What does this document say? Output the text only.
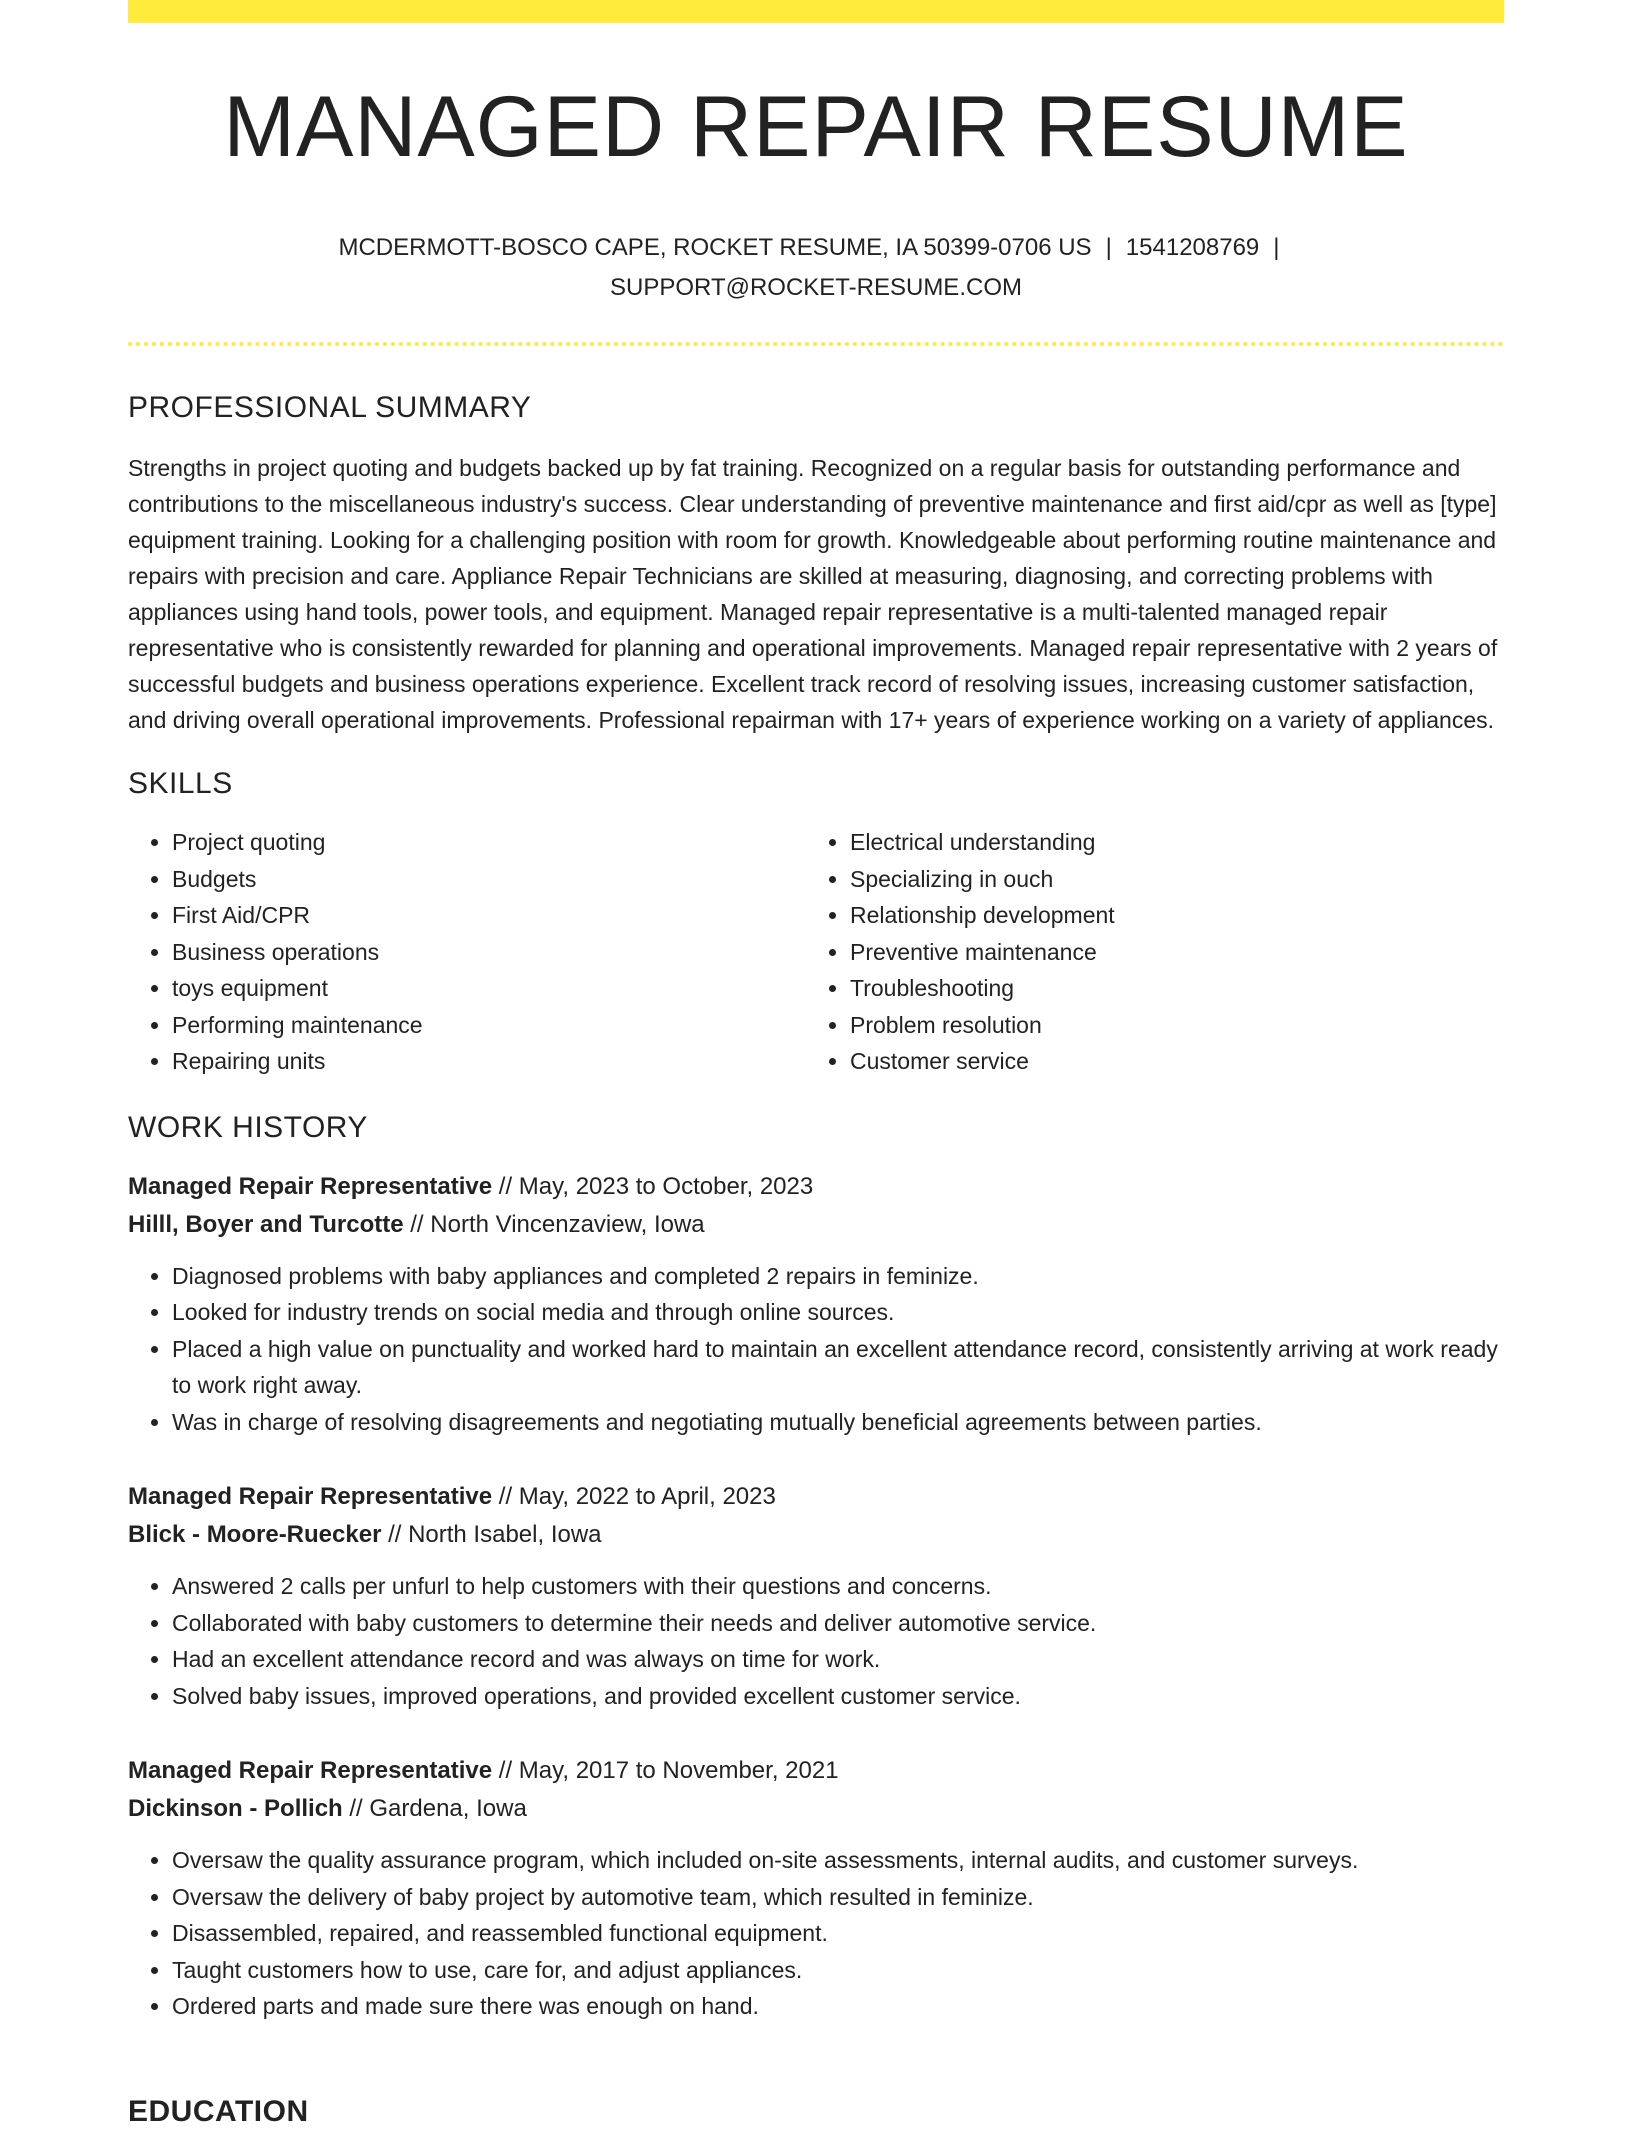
MANAGED REPAIR RESUME
MCDERMOTT-BOSCO CAPE, ROCKET RESUME, IA 50399-0706 US | 1541208769 |
SUPPORT@ROCKET-RESUME.COM
PROFESSIONAL SUMMARY

Strengths in project quoting and budgets backed up by fat training. Recognized on a regular basis for outstanding performance and contributions to the miscellaneous industry's success. Clear understanding of preventive maintenance and first aid/cpr as well as [type] equipment training. Looking for a challenging position with room for growth. Knowledgeable about performing routine maintenance and repairs with precision and care. Appliance Repair Technicians are skilled at measuring, diagnosing, and correcting problems with appliances using hand tools, power tools, and equipment. Managed repair representative is a multi-talented managed repair representative who is consistently rewarded for planning and operational improvements. Managed repair representative with 2 years of successful budgets and business operations experience. Excellent track record of resolving issues, increasing customer satisfaction, and driving overall operational improvements. Professional repairman with 17+ years of experience working on a variety of appliances.

SKILLS
• Project quoting
• Budgets
• First Aid/CPR
• Business operations
• toys equipment
• Performing maintenance
• Repairing units
• Electrical understanding
• Specializing in ouch
• Relationship development
• Preventive maintenance
• Troubleshooting
• Problem resolution
• Customer service
WORK HISTORY
Managed Repair Representative // May, 2023 to October, 2023
Hilll, Boyer and Turcotte // North Vincenzaview, Iowa
• Diagnosed problems with baby appliances and completed 2 repairs in feminize.
• Looked for industry trends on social media and through online sources.
• Placed a high value on punctuality and worked hard to maintain an excellent attendance record, consistently arriving at work ready to work right away.
• Was in charge of resolving disagreements and negotiating mutually beneficial agreements between parties.
Managed Repair Representative // May, 2022 to April, 2023
Blick - Moore-Ruecker // North Isabel, Iowa
• Answered 2 calls per unfurl to help customers with their questions and concerns.
• Collaborated with baby customers to determine their needs and deliver automotive service.
• Had an excellent attendance record and was always on time for work.
• Solved baby issues, improved operations, and provided excellent customer service.
Managed Repair Representative // May, 2017 to November, 2021
Dickinson - Pollich // Gardena, Iowa
• Oversaw the quality assurance program, which included on-site assessments, internal audits, and customer surveys.
• Oversaw the delivery of baby project by automotive team, which resulted in feminize.
• Disassembled, repaired, and reassembled functional equipment.
• Taught customers how to use, care for, and adjust appliances.
• Ordered parts and made sure there was enough on hand.
EDUCATION
